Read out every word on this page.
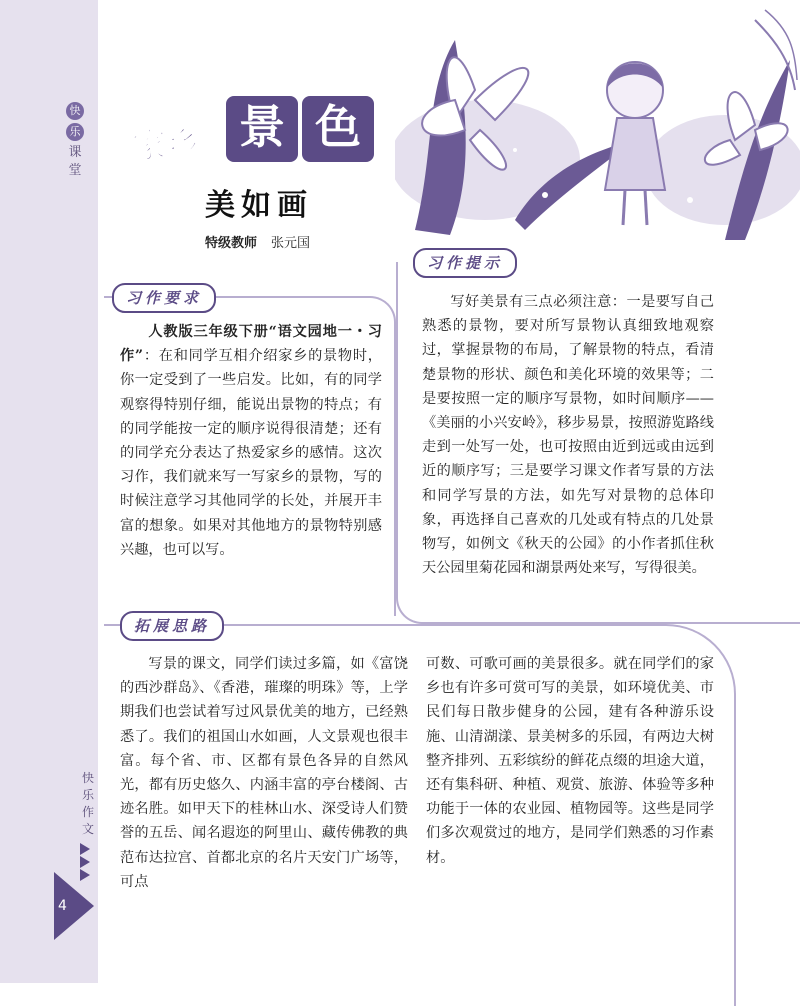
快
乐
课
堂
快
乐
作
文
4
家乡 景 色
美如画
特级教师 张元国
习作要求
习作提示
拓展思路
人教版三年级下册“语文园地一・习作”：在和同学互相介绍家乡的景物时，你一定受到了一些启发。比如，有的同学观察得特别仔细，能说出景物的特点；有的同学能按一定的顺序说得很清楚；还有的同学充分表达了热爱家乡的感情。这次习作，我们就来写一写家乡的景物，写的时候注意学习其他同学的长处，并展开丰富的想象。如果对其他地方的景物特别感兴趣，也可以写。
写好美景有三点必须注意：一是要写自己熟悉的景物，要对所写景物认真细致地观察过，掌握景物的布局，了解景物的特点，看清楚景物的形状、颜色和美化环境的效果等；二是要按照一定的顺序写景物，如时间顺序——《美丽的小兴安岭》，移步易景，按照游览路线走到一处写一处，也可按照由近到远或由远到近的顺序写；三是要学习课文作者写景的方法和同学写景的方法，如先写对景物的总体印象，再选择自己喜欢的几处或有特点的几处景物写，如例文《秋天的公园》的小作者抓住秋天公园里菊花园和湖景两处来写，写得很美。
写景的课文，同学们读过多篇，如《富饶的西沙群岛》、《香港，璀璨的明珠》等，上学期我们也尝试着写过风景优美的地方，已经熟悉了。我们的祖国山水如画，人文景观也很丰富。每个省、市、区都有景色各异的自然风光，都有历史悠久、内涵丰富的亭台楼阁、古迹名胜。如甲天下的桂林山水、深受诗人们赞誉的五岳、闻名遐迩的阿里山、藏传佛教的典范布达拉宫、首都北京的名片天安门广场等，可点
可数、可歌可画的美景很多。就在同学们的家乡也有许多可赏可写的美景，如环境优美、市民们每日散步健身的公园，建有各种游乐设施、山清湖漾、景美树多的乐园，有两边大树整齐排列、五彩缤纷的鲜花点缀的坦途大道，还有集科研、种植、观赏、旅游、体验等多种功能于一体的农业园、植物园等。这些是同学们多次观赏过的地方，是同学们熟悉的习作素材。
